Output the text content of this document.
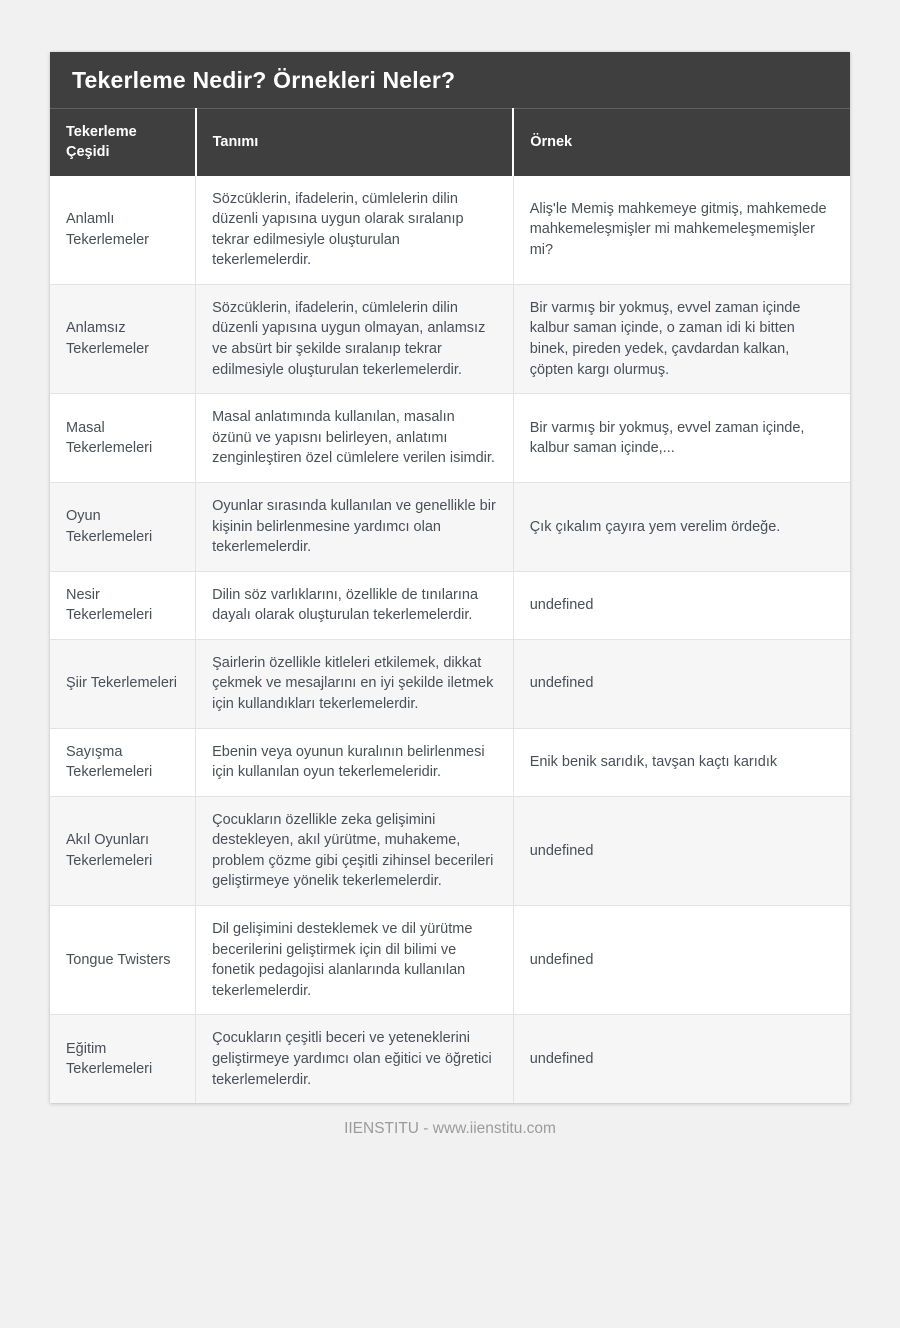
Tekerleme Nedir? Örnekleri Neler?
Tekerleme Çeşidi	Tanımı	Örnek
Anlamlı Tekerlemeler	Sözcüklerin, ifadelerin, cümlelerin dilin düzenli yapısına uygun olarak sıralanıp tekrar edilmesiyle oluşturulan tekerlemelerdir.	Aliş'le Memiş mahkemeye gitmiş, mahkemede mahkemeleşmişler mi mahkemeleşmemişler mi?
Anlamsız Tekerlemeler	Sözcüklerin, ifadelerin, cümlelerin dilin düzenli yapısına uygun olmayan, anlamsız ve absürt bir şekilde sıralanıp tekrar edilmesiyle oluşturulan tekerlemelerdir.	Bir varmış bir yokmuş, evvel zaman içinde kalbur saman içinde, o zaman idi ki bitten binek, pireden yedek, çavdardan kalkan, çöpten kargı olurmuş.
Masal Tekerlemeleri	Masal anlatımında kullanılan, masalın özünü ve yapısnı belirleyen, anlatımı zenginleştiren özel cümlelere verilen isimdir.	Bir varmış bir yokmuş, evvel zaman içinde, kalbur saman içinde,...
Oyun Tekerlemeleri	Oyunlar sırasında kullanılan ve genellikle bir kişinin belirlenmesine yardımcı olan tekerlemelerdir.	Çık çıkalım çayıra yem verelim ördeğe.
Nesir Tekerlemeleri	Dilin söz varlıklarını, özellikle de tınılarına dayalı olarak oluşturulan tekerlemelerdir.	undefined
Şiir Tekerlemeleri	Şairlerin özellikle kitleleri etkilemek, dikkat çekmek ve mesajlarını en iyi şekilde iletmek için kullandıkları tekerlemelerdir.	undefined
Sayışma Tekerlemeleri	Ebenin veya oyunun kuralının belirlenmesi için kullanılan oyun tekerlemeleridir.	Enik benik sarıdık, tavşan kaçtı karıdık
Akıl Oyunları Tekerlemeleri	Çocukların özellikle zeka gelişimini destekleyen, akıl yürütme, muhakeme, problem çözme gibi çeşitli zihinsel becerileri geliştirmeye yönelik tekerlemelerdir.	undefined
Tongue Twisters	Dil gelişimini desteklemek ve dil yürütme becerilerini geliştirmek için dil bilimi ve fonetik pedagojisi alanlarında kullanılan tekerlemelerdir.	undefined
Eğitim Tekerlemeleri	Çocukların çeşitli beceri ve yeteneklerini geliştirmeye yardımcı olan eğitici ve öğretici tekerlemelerdir.	undefined
IIENSTITU - www.iienstitu.com
